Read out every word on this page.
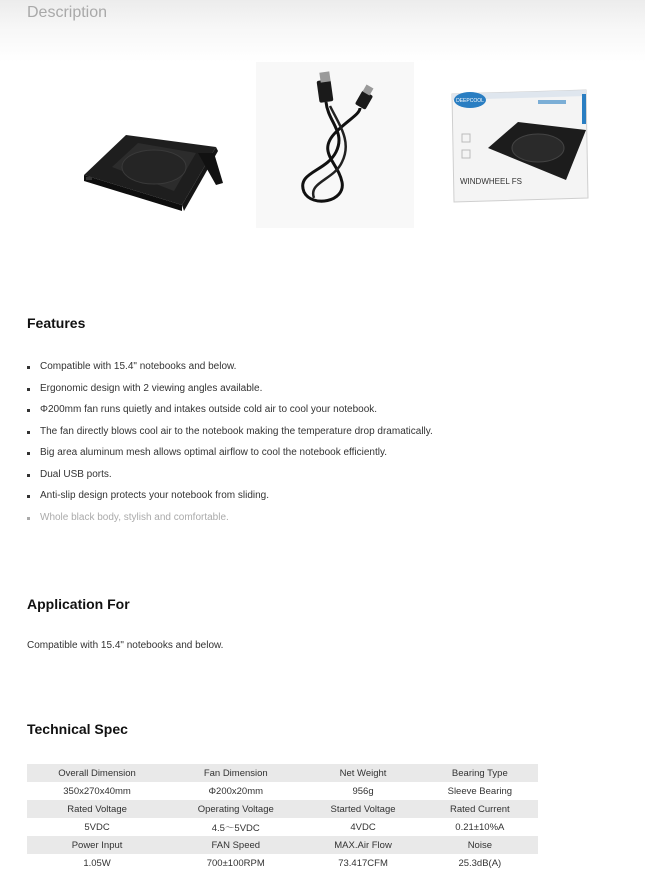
Description
DEEPCOOL
WINDWHEEL FS
Features
Compatible with 15.4" notebooks and below.
Ergonomic design with 2 viewing angles available.
Φ200mm fan runs quietly and intakes outside cold air to cool your notebook.
The fan directly blows cool air to the notebook making the temperature drop dramatically.
Big area aluminum mesh allows optimal airflow to cool the notebook efficiently.
Dual USB ports.
Anti-slip design protects your notebook from sliding.
Whole black body, stylish and comfortable.
Application For
Compatible with 15.4" notebooks and below.
Technical Spec
Overall Dimension	Fan Dimension	Net Weight	Bearing Type
350x270x40mm	Φ200x20mm	956g	Sleeve Bearing
Rated Voltage	Operating Voltage	Started Voltage	Rated Current
5VDC	4.5～5VDC	4VDC	0.21±10%A
Power Input	FAN Speed	MAX.Air Flow	Noise
1.05W	700±100RPM	73.417CFM	25.3dB(A)
